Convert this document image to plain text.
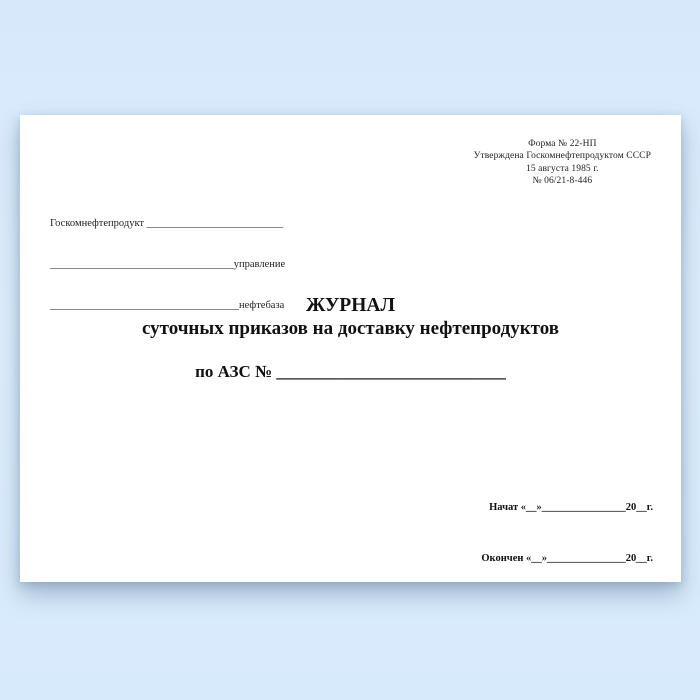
Форма № 22-НП
Утверждена Госкомнефтепродуктом СССР
15 августа 1985 г.
№ 06/21-8-446

Госкомнефтепродукт __________________________

___________________________________управление

____________________________________нефтебаза

	ЖУРНАЛ
суточных приказов на доставку нефтепродуктов
по АЗС № ___________________________

Начат «__»________________20__г.

Окончен «__»_______________20__г.
